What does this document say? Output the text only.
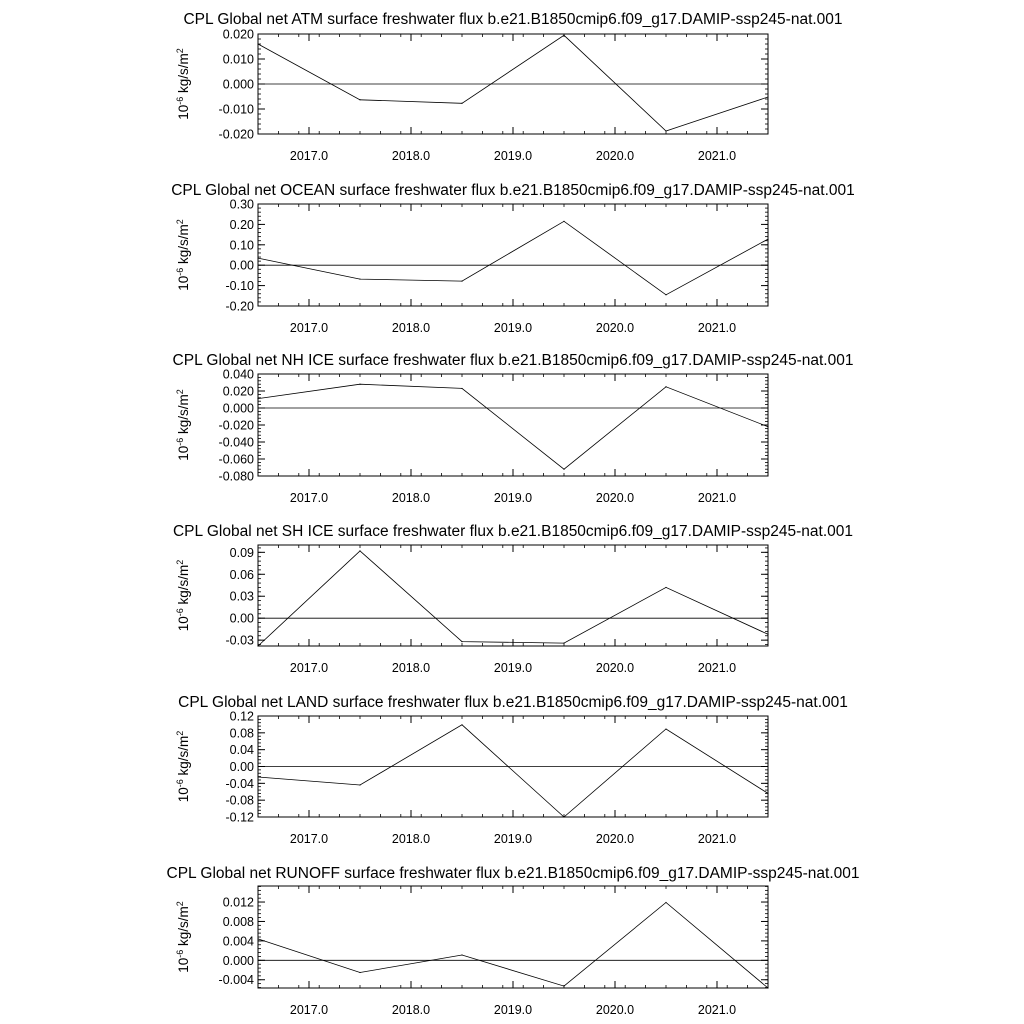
CPL Global net ATM surface freshwater flux b.e21.B1850cmip6.f09_g17.DAMIP-ssp245-nat.001
2017.0	2018.0	2019.0	2020.0	2021.0
-0.020
-0.010
0.000
0.010
0.020
$10^{-6}$ $kg/s/m^2$
CPL Global net OCEAN surface freshwater flux b.e21.B1850cmip6.f09_g17.DAMIP-ssp245-nat.001
2017.0	2018.0	2019.0	2020.0	2021.0
-0.20
-0.10
0.00
0.10
0.20
0.30
$10^{-6}$ $kg/s/m^2$
CPL Global net NH ICE surface freshwater flux b.e21.B1850cmip6.f09_g17.DAMIP-ssp245-nat.001
2017.0	2018.0	2019.0	2020.0	2021.0
-0.080
-0.060
-0.040
-0.020
0.000
0.020
0.040
$10^{-6}$ $kg/s/m^2$
CPL Global net SH ICE surface freshwater flux b.e21.B1850cmip6.f09_g17.DAMIP-ssp245-nat.001
2017.0	2018.0	2019.0	2020.0	2021.0
-0.03
0.00
0.03
0.06
0.09
$10^{-6}$ $kg/s/m^2$
CPL Global net LAND surface freshwater flux b.e21.B1850cmip6.f09_g17.DAMIP-ssp245-nat.001
2017.0	2018.0	2019.0	2020.0	2021.0
-0.12
-0.08
-0.04
0.00
0.04
0.08
0.12
$10^{-6}$ $kg/s/m^2$
CPL Global net RUNOFF surface freshwater flux b.e21.B1850cmip6.f09_g17.DAMIP-ssp245-nat.001
2017.0	2018.0	2019.0	2020.0	2021.0
-0.004
0.000
0.004
0.008
0.012
$10^{-6}$ $kg/s/m^2$
